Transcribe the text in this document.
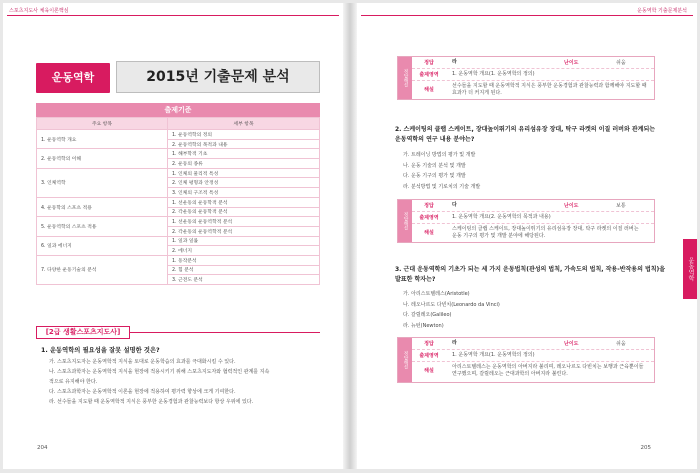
스포츠지도사 체육이론핵심
운동역학	2015년 기출문제 분석
출제기준
주요 항목	세부 항목
1. 운동역학 개요	1. 운동역학의 정의
	2. 운동역학의 목적과 내용
2. 운동역학의 이해	1. 해부학적 기초
	2. 운동의 종류
3. 인체역학	1. 인체의 물리적 특성
	2. 인체 평형과 안정성
	3. 인체의 구조적 특성
4. 운동학의 스포츠 적용	1. 선운동의 운동학적 분석
	2. 각운동의 운동학적 분석
5. 운동역학의 스포츠 적용	1. 선운동의 운동역학적 분석
	2. 각운동의 운동역학적 분석
6. 일과 에너지	1. 일과 일률
	2. 에너지
7. 다양한 운동기술의 분석	1. 동작분석
	2. 힘 분석
	3. 근전도 분석
[2급 생활스포츠지도사]
1. 운동역학의 필요성을 잘못 설명한 것은?
가. 스포츠지도자는 운동역학적 지식을 토대로 운동학습의 효과를 극대화시킬 수 있다.
나. 스포츠과학자는 운동역학적 지식을 현장에 적용시키기 위해 스포츠지도자와 협력적인 관계를 지속
적으로 유지해야 한다.
다. 스포츠과학자는 운동역학적 이론을 현장에 적용하여 평가력 향상에 크게 기여한다.
라. 선수들을 지도할 때 운동역학적 지식은 풍부한 운동경험과 관찰능력보다 항상 우위에 있다.
204
운동역학 기출문제분석
정답해설
정답	라	난이도	쉬움
출제영역	1. 운동역학 개요(1. 운동역학의 정의)
해설
선수들을 지도할 때 운동역학적 지식은 풍부한 운동경험과 관찰능력과 함께해야 지도할 때
효과가 더 커지게 된다.
2. 스케이팅의 클랩 스케이트, 장대높이뛰기의 유리섬유장 장대, 탁구 라켓의 이질 러버와 관계되는
운동역학의 연구 내용 분야는?
가. 트레이닝 방법의 평가 및 개발
나. 운동 기술의 분석 및 개발
다. 운동 기구의 평가 및 개발
라. 분석방법 및 기로치의 기술 개발
정답해설
정답	다	난이도	보통
출제영역	1. 운동역학 개요(2. 운동역학의 목적과 내용)
해설
스케이팅의 클랩 스케이트, 장대높이뛰기의 유리섬유장 장대, 탁구 라켓의 이질 러버는
운동 기구의 평가 및 개발 분야에 해당된다.
3. 근대 운동역학의 기초가 되는 세 가지 운동법칙(관성의 법칙, 가속도의 법칙, 작용-반작용의 법칙)을
발표한 학자는?
가. 아리스토텔레스(Aristotle)
나. 레오나르도 다빈치(Leonardo da Vinci)
다. 갈릴레오(Galileo)
라. 뉴턴(Newton)
정답해설
정답	라	난이도	쉬움
출제영역	1. 운동역학 개요(1. 운동역학의 정의)
해설
아리스토텔레스는 운동역학의 아버지라 불리며, 레오나르도 다빈치는 보행과 근육뿐이들
연구했으며, 갈릴레오는 근대과학의 아버지라 불린다.
운동역학
205
